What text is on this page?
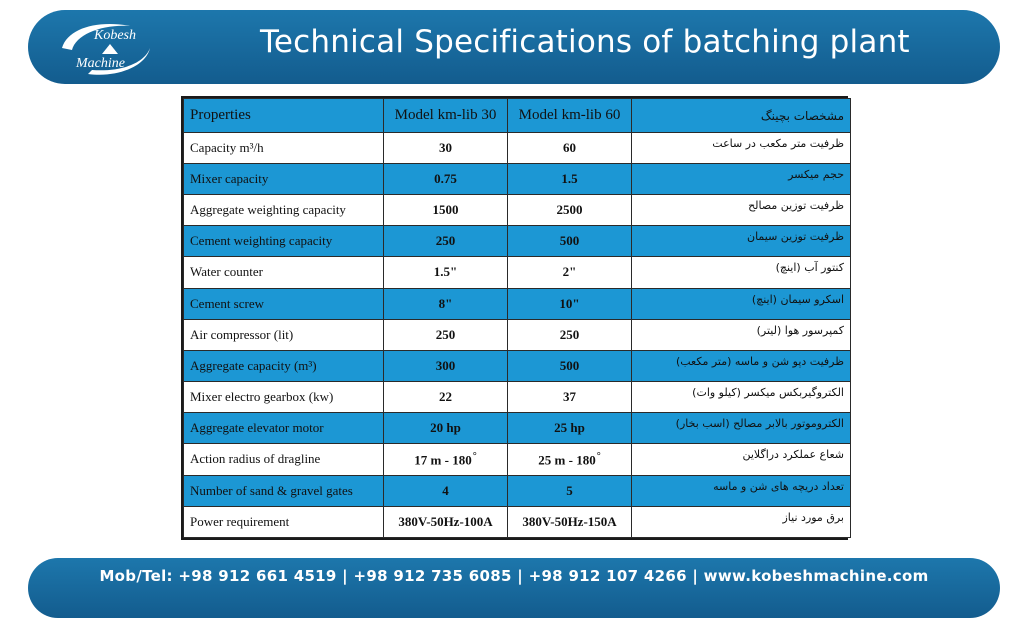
Kobesh
Machine
Technical Specifications of batching plant
Properties	Model km-lib 30	Model km-lib 60	مشخصات بچینگ
Capacity m³/h	30	60	ظرفیت متر مکعب در ساعت
Mixer capacity	0.75	1.5	حجم میکسر
Aggregate weighting capacity	1500	2500	ظرفیت توزین مصالح
Cement weighting capacity	250	500	ظرفیت توزین سیمان
Water counter	1.5"	2"	کنتور آب (اینچ)
Cement screw	8"	10"	اسکرو سیمان (اینچ)
Air compressor (lit)	250	250	کمپرسور هوا (لیتر)
Aggregate capacity (m³)	300	500	ظرفیت دپو شن و ماسه (متر مکعب)
Mixer electro gearbox (kw)	22	37	الکتروگیربکس میکسر (کیلو وات)
Aggregate elevator motor	20 hp	25 hp	الکتروموتور بالابر مصالح (اسب بخار)
Action radius of dragline	17 m - 180°	25 m - 180°	شعاع عملکرد دراگلاین
Number of sand & gravel gates	4	5	تعداد دریچه های شن و ماسه
Power requirement	380V-50Hz-100A	380V-50Hz-150A	برق مورد نیاز
Mob/Tel: +98 912 661 4519 | +98 912 735 6085 | +98 912 107 4266 | www.kobeshmachine.com
